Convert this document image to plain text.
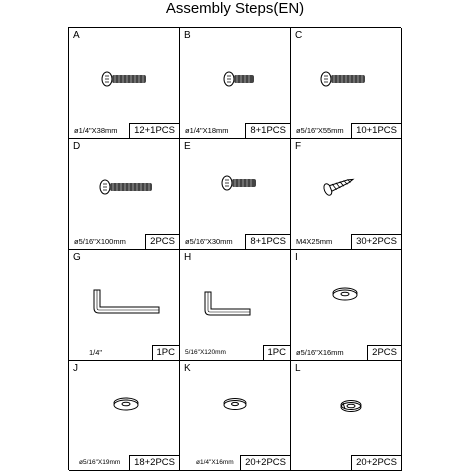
Assembly Steps(EN)
A
ø1/4"X38mm	12+1PCS
B
ø1/4"X18mm	8+1PCS
C
ø5/16"X55mm	10+1PCS
D
ø5/16"X100mm	2PCS
E
ø5/16"X30mm	8+1PCS
F
M4X25mm	30+2PCS
G
1/4"	1PC
H
5/16"X120mm	1PC
I
ø5/16"X16mm	2PCS
J
ø5/16"X19mm	18+2PCS
K
ø1/4"X16mm	20+2PCS
L
20+2PCS
